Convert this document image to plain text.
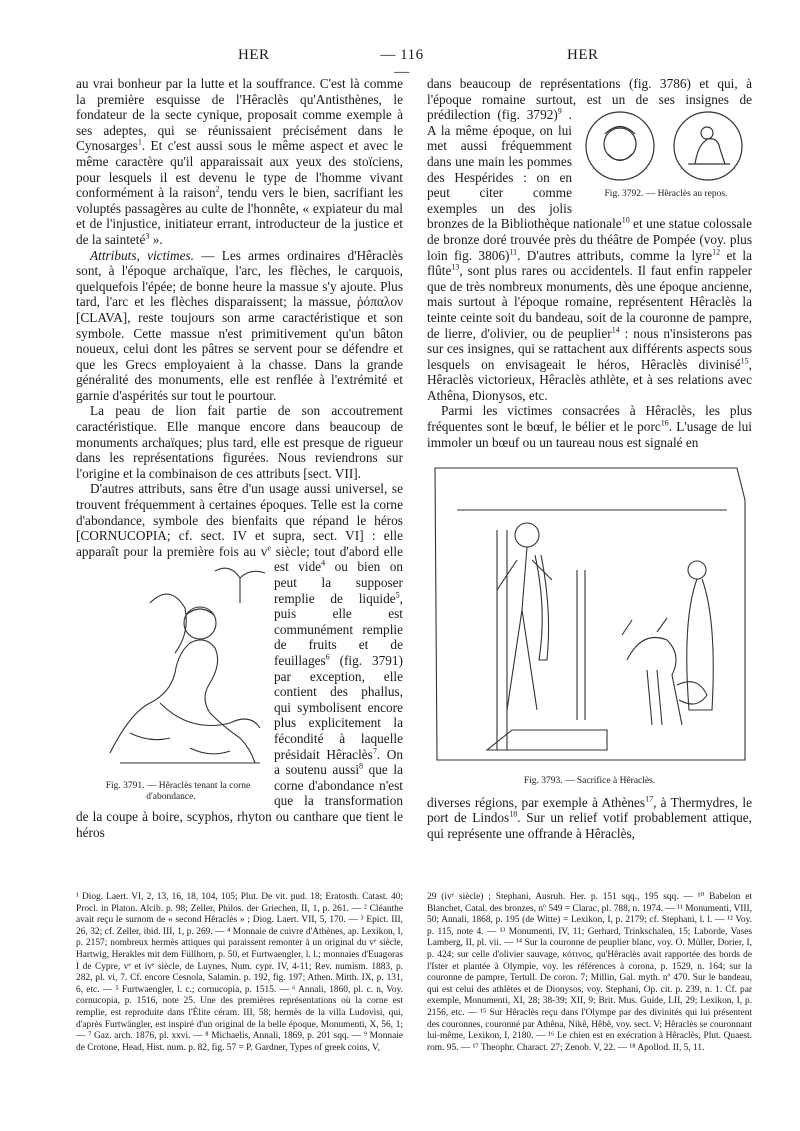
HER	— 116 —
HER

au vrai bonheur par la lutte et la souffrance. C'est là comme la première esquisse de l'Hêraclès qu'Antisthènes, le fondateur de la secte cynique, proposait comme exemple à ses adeptes, qui se réunissaient précisément dans le Cynosarges$^1$. Et c'est aussi sous le même aspect et avec le même caractère qu'il apparaissait aux yeux des stoïciens, pour lesquels il est devenu le type de l'homme vivant conformément à la raison$^2$, tendu vers le bien, sacrifiant les voluptés passagères au culte de l'honnête, « expiateur du mal et de l'injustice, initiateur errant, introducteur de la justice et de la sainteté$^3$ ».

Attributs, victimes. — Les armes ordinaires d'Hêraclès sont, à l'époque archaïque, l'arc, les flèches, le carquois, quelquefois l'épée; de bonne heure la massue s'y ajoute. Plus tard, l'arc et les flèches disparaissent; la massue, ῥόπαλον [CLAVA], reste toujours son arme caractéristique et son symbole. Cette massue n'est primitivement qu'un bâton noueux, celui dont les pâtres se servent pour se défendre et que les Grecs employaient à la chasse. Dans la grande généralité des monuments, elle est renflée à l'extrémité et garnie d'aspérités sur tout le pourtour.

La peau de lion fait partie de son accoutrement caractéristique. Elle manque encore dans beaucoup de monuments archaïques; plus tard, elle est presque de rigueur dans les représentations figurées. Nous reviendrons sur l'origine et la combinaison de ces attributs [sect. VII].

D'autres attributs, sans être d'un usage aussi universel, se trouvent fréquemment à certaines époques. Telle est la corne d'abondance, symbole des bienfaits que répand le héros [CORNUCOPIA; cf. sect. IV et supra, sect. VI] : elle apparaît pour la première fois au $v^e$ siècle; tout d'abord elle est vide$^4$
Fig. 3791. — Hêraclès tenant la corne d'abondance.
ou bien on peut la supposer remplie de liquide$^5$, puis elle est communément remplie de fruits et de feuillages$^6$ (fig. 3791) par exception, elle contient des phallus, qui symbolisent encore plus explicitement la fécondité à laquelle présidait Hêraclès$^7$. On a soutenu aussi$^8$ que la corne d'abondance n'est que la transformation de la coupe à boire, scyphos, rhyton ou canthare que tient le héros

dans beaucoup de représentations (fig. 3786) et qui, à l'époque romaine surtout, est un de ses insignes de prédilection (fig. 3792)$^9$
Fig. 3792. — Hêraclès au repos.
. A la même époque, on lui met aussi fréquemment dans une main les pommes des Hespérides : on en peut citer comme exemples un des jolis bronzes de la Bibliothèque nationale$^{10}$ et une statue colossale de bronze doré trouvée près du théâtre de Pompée (voy. plus loin fig. 3806)$^{11}$. D'autres attributs, comme la lyre$^{12}$ et la flûte$^{13}$, sont plus rares ou accidentels. Il faut enfin rappeler que de très nombreux monuments, dès une époque ancienne, mais surtout à l'époque romaine, représentent Hêraclès la teinte ceinte soit du bandeau, soit de la couronne de pampre, de lierre, d'olivier, ou de peuplier$^{14}$ : nous n'insisterons pas sur ces insignes, qui se rattachent aux différents aspects sous lesquels on envisageait le héros, Hêraclès divinisé$^{15}$, Hêraclès victorieux, Hêraclès athlète, et à ses relations avec Athêna, Dionysos, etc.

Parmi les victimes consacrées à Hêraclès, les plus fréquentes sont le bœuf, le bélier et le porc$^{16}$. L'usage de lui immoler un bœuf ou un taureau nous est signalé en

Fig. 3793. — Sacrifice à Hêraclès.

diverses régions, par exemple à Athènes$^{17}$, à Thermydres, le port de Lindos$^{18}$. Sur un relief votif probablement attique, qui représente une offrande à Hêraclès,

¹ Diog. Laert. VI, 2, 13, 16, 18, 104, 105; Plut. De vit. pud. 18; Eratosth. Catast. 40; Procl. in Platon. Alcib. p. 98; Zeller, Philos. der Griechen, II, 1, p. 261. — ² Cléanthe avait reçu le surnom de « second Hêraclès » ; Diog. Laert. VII, 5, 170. — ³ Epict. III, 26, 32; cf. Zeller, ibid. III, 1, p. 269. — ⁴ Monnaie de cuivre d'Athènes, ap. Lexikon, I, p. 2157; nombreux hermès attiques qui paraissent remonter à un original du vᵉ siècle, Hartwig, Herakles mit dem Füllhorn, p. 50, et Furtwaengler, l. l.; monnaies d'Euagoras I de Cypre, vᵉ et ivᵉ siècle, de Luynes, Num. cypr. IV, 4-11; Rev. numism. 1883, p. 282, pl. vi, 7. Cf. encore Cesnola, Salamin. p. 192, fig. 197; Athen. Mitth. IX, p. 131, 6, etc. — ⁵ Furtwaengler, l. c.; cornucopia, p. 1515. — ⁶ Annali, 1860, pl. c. n, Voy. cornucopia, p. 1516, note 25. Une des premières représentations où la corne est remplie, est reproduite dans l'Élite céram. III, 58; hermès de la villa Ludovisi, qui, d'après Furtwängler, est inspiré d'un original de la belle époque, Monumenti, X, 56, 1; — ⁷ Gaz. arch. 1876, pl. xxvi. — ⁸ Michaelis, Annali, 1869, p. 201 sqq. — ⁹ Monnaie de Crotone, Head, Hist. num. p. 82, fig. 57 = P. Gardner, Types of greek coins, V,
29 (ivᵉ siècle) ; Stephani, Ausruh. Her. p. 151 sqq., 195 sqq. — ¹⁰ Babelon et Blanchet, Catal. des bronzes, nº 549 = Clarac, pl. 788, n. 1974. — ¹¹ Monumenti, VIII, 50; Annali, 1868, p. 195 (de Witte) = Lexikon, I, p. 2179; cf. Stephani, l. l. — ¹² Voy. p. 115, note 4. — ¹³ Monumenti, IV, 11; Gerhard, Trinkschalen, 15; Laborde, Vases Lamberg, II, pl. vii. — ¹⁴ Sur la couronne de peuplier blanc, voy. O. Müller, Dorier, I, p. 424; sur celle d'olivier sauvage, κότινος, qu'Hêraclès avait rapportée des bords de l'Ister et plantée à Olympie, voy. les références à corona, p. 1529, n. 164; sur la couronne de pampre, Tertull. De coron. 7; Millin, Gal. myth. nº 470. Sur le bandeau, qui est celui des athlètes et de Dionysos, voy. Stephani, Op. cit. p. 239, n. 1. Cf. par exemple, Monumenti, XI, 28; 38-39; XII, 9; Brit. Mus. Guide, LII, 29; Lexikon, I, p. 2156, etc. — ¹⁵ Sur Hêraclès reçu dans l'Olympe par des divinités qui lui présentent des couronnes, couronné par Athêna, Nikê, Hêbê, voy. sect. V; Hêraclès se couronnant lui-même, Lexikon, I, 2180. — ¹⁶ Le chien est en exécration à Hêraclès, Plut. Quaest. rom. 95. — ¹⁷ Theophr. Charact. 27; Zenob. V, 22. — ¹⁸ Apollod. II, 5, 11.
